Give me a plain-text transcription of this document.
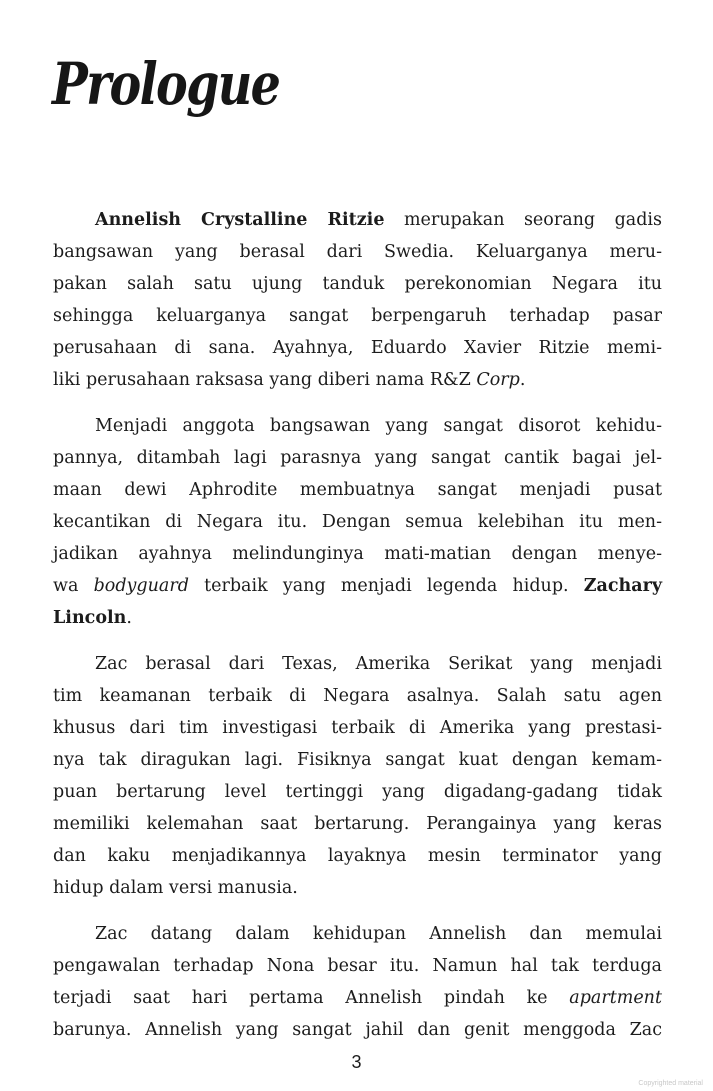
Prologue

Annelish Crystalline Ritzie merupakan seorang gadis
bangsawan yang berasal dari Swedia. Keluarganya meru-
pakan salah satu ujung tanduk perekonomian Negara itu
sehingga keluarganya sangat berpengaruh terhadap pasar
perusahaan di sana. Ayahnya, Eduardo Xavier Ritzie memi-
liki perusahaan raksasa yang diberi nama R&Z Corp.

Menjadi anggota bangsawan yang sangat disorot kehidu-
pannya, ditambah lagi parasnya yang sangat cantik bagai jel-
maan dewi Aphrodite membuatnya sangat menjadi pusat
kecantikan di Negara itu. Dengan semua kelebihan itu men-
jadikan ayahnya melindunginya mati-matian dengan menye-
wa bodyguard terbaik yang menjadi legenda hidup. Zachary
Lincoln.

Zac berasal dari Texas, Amerika Serikat yang menjadi
tim keamanan terbaik di Negara asalnya. Salah satu agen
khusus dari tim investigasi terbaik di Amerika yang prestasi-
nya tak diragukan lagi. Fisiknya sangat kuat dengan kemam-
puan bertarung level tertinggi yang digadang-gadang tidak
memiliki kelemahan saat bertarung. Perangainya yang keras
dan kaku menjadikannya layaknya mesin terminator yang
hidup dalam versi manusia.

Zac datang dalam kehidupan Annelish dan memulai
pengawalan terhadap Nona besar itu. Namun hal tak terduga
terjadi saat hari pertama Annelish pindah ke apartment
barunya. Annelish yang sangat jahil dan genit menggoda Zac

3
Copyrighted material
